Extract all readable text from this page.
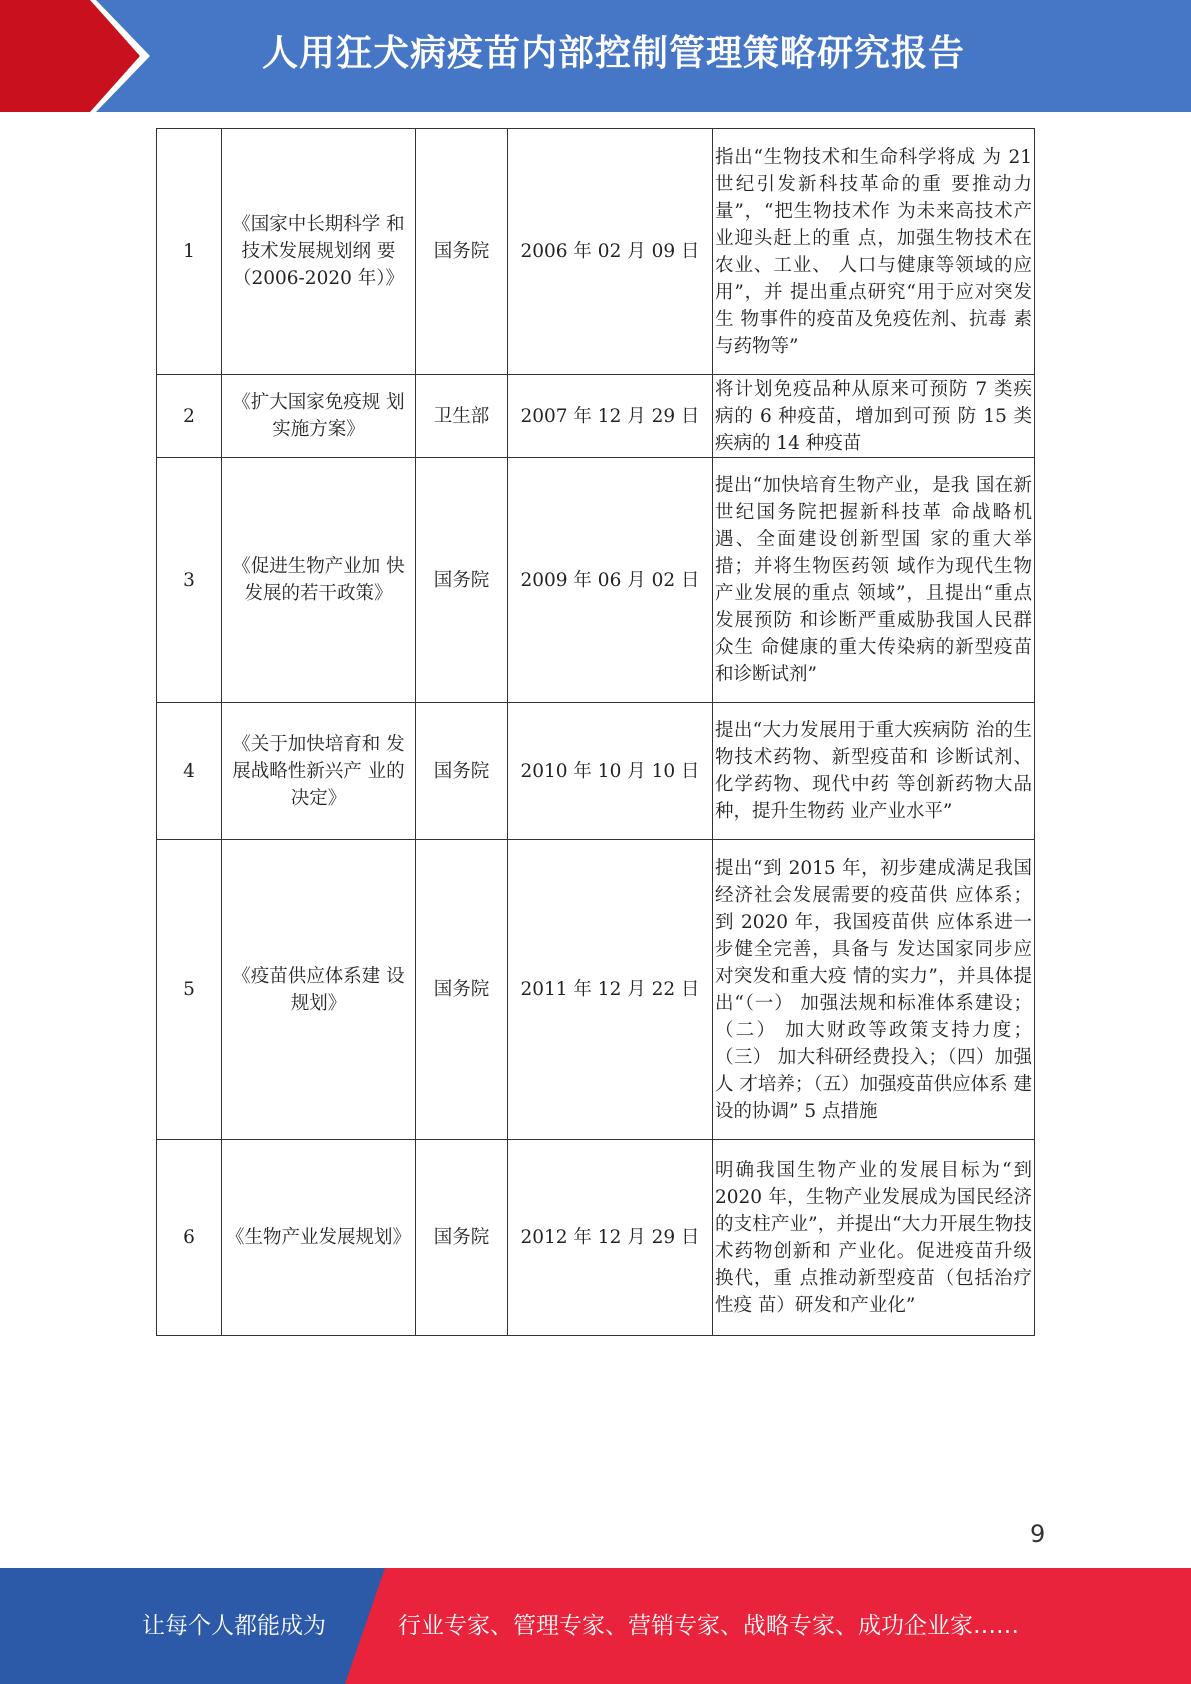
人用狂犬病疫苗内部控制管理策略研究报告
1	《国家中长期科学 和技术发展规划纲 要（2006-2020 年）》	国务院	2006 年 02 月 09 日	指出“生物技术和生命科学将成 为 21 世纪引发新科技革命的重 要推动力量”，“把生物技术作 为未来高技术产业迎头赶上的重 点，加强生物技术在农业、工业、 人口与健康等领域的应用”，并 提出重点研究“用于应对突发生 物事件的疫苗及免疫佐剂、抗毒 素与药物等”
2	《扩大国家免疫规 划实施方案》	卫生部	2007 年 12 月 29 日	将计划免疫品种从原来可预防 7 类疾病的 6 种疫苗，增加到可预 防 15 类疾病的 14 种疫苗
3	《促进生物产业加 快发展的若干政策》	国务院	2009 年 06 月 02 日	提出“加快培育生物产业，是我 国在新世纪国务院把握新科技革 命战略机遇、全面建设创新型国 家的重大举措；并将生物医药领 域作为现代生物产业发展的重点 领域”，且提出“重点发展预防 和诊断严重威胁我国人民群众生 命健康的重大传染病的新型疫苗 和诊断试剂”
4	《关于加快培育和 发展战略性新兴产 业的决定》	国务院	2010 年 10 月 10 日	提出“大力发展用于重大疾病防 治的生物技术药物、新型疫苗和 诊断试剂、化学药物、现代中药 等创新药物大品种，提升生物药 业产业水平”
5	《疫苗供应体系建 设规划》	国务院	2011 年 12 月 22 日	提出“到 2015 年，初步建成满足我国经济社会发展需要的疫苗供 应体系；到 2020 年，我国疫苗供 应体系进一步健全完善，具备与 发达国家同步应对突发和重大疫 情的实力”，并具体提出“（一） 加强法规和标准体系建设；（二） 加大财政等政策支持力度；（三） 加大科研经费投入；（四）加强人 才培养；（五）加强疫苗供应体系 建设的协调” 5 点措施
6	《生物产业发展规划》	国务院	2012 年 12 月 29 日	明确我国生物产业的发展目标为“到 2020 年，生物产业发展成为国民经济的支柱产业”，并提出“大力开展生物技术药物创新和 产业化。促进疫苗升级换代，重 点推动新型疫苗（包括治疗性疫 苗）研发和产业化”
9
让每个人都能成为	行业专家、管理专家、营销专家、战略专家、成功企业家……
